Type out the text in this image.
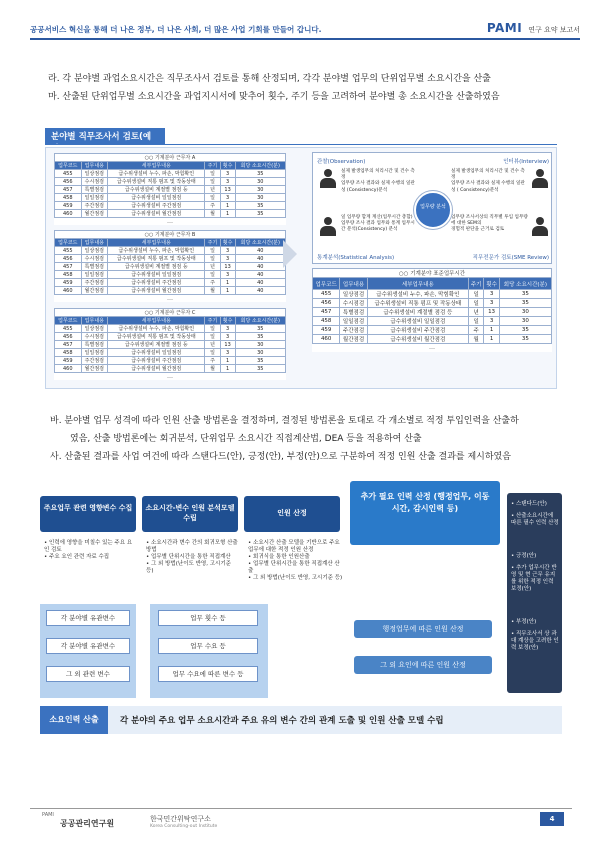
공공서비스 혁신을 통해 더 나은 정부, 더 나은 사회, 더 많은 사업 기회를 만들어 갑니다.	PAMI 연구 요약 보고서
라. 각 분야별 과업소요시간은 직무조사서 검토를 통해 산정되며, 각각 분야별 업무의 단위업무별 소요시간을 산출
마. 산출된 단위업무별 소요시간을 과업지시서에 맞추어 횟수, 주기 등을 고려하여 분야별 총 소요시간을 산출하였음
분야별 직무조사서 검토(예
○○ 기계분야 근무자 A					
업무코드	업무내용	세부업무내용	주기	횟수	회당 소요시간(분)
455	일상점검	급수위생설비 누수, 파손, 막힘확인	일	3	35
456	수시점검	급수위생설비 직통 펌프 및 작동상태	일	3	30
457	특별점검	급수위생설비 계절별 점검 등	년	13	30
458	일일점검	급수위생설비 일일점검	일	3	30
459	주간점검	급수위생설비 주간점검	주	1	35
460	월간점검	급수위생설비 월간점검	월	1	35
…					
○○ 기계분야 근무자 B					
업무코드	업무내용	세부업무내용	주기	횟수	회당 소요시간(분)
455	일상점검	급수위생설비 누수, 파손, 막힘확인	일	3	40
456	수시점검	급수위생설비 직통 펌프 및 작동상태	일	3	40
457	특별점검	급수위생설비 계절별 점검 등	년	13	40
458	일일점검	급수위생설비 일일점검	일	3	40
459	주간점검	급수위생설비 주간점검	주	1	40
460	월간점검	급수위생설비 월간점검	월	1	40
…					
○○ 기계분야 근무자 C					
업무코드	업무내용	세부업무내용	주기	횟수	회당 소요시간(분)
455	일상점검	급수위생설비 누수, 파손, 막힘확인	일	3	35
456	수시점검	급수위생설비 직통 펌프 및 작동상태	일	3	35
457	특별점검	급수위생설비 계절별 점검 등	년	13	30
458	일일점검	급수위생설비 일일점검	일	3	30
459	주간점검	급수위생설비 주간점검	주	1	35
460	월간점검	급수위생설비 월간점검	월	1	35
…					
관찰(Observation)
실제 발생업무의 처리시간 및 건수 측정
업무량 조사 결과와 실제 수행의 일관성 (Consistency)분석
인터뷰(Interview)
실제 발생업무의 처리시간 및 건수 측정
업무량 조사 결과와 실제 수행의 일관성 ( Consistency)분석
일 업무량 합계 계산(업무시간 총합)
업무량 조사 결과 업무와 통계 업무시간 분석(Consistency) 분석
통계분석(Statistical Analysis)
업무량 조사서상의 직무별 투입 업무량에 대한 SEM의
경험적 판단을 근거로 검토
직무전문가 검토(SME Review)
업무량 분석
○○ 기계분야 표준업무시간					
업무코드	업무내용	세부업무내용	주기	횟수	회당 소요시간(분)
455	일상점검	급수위생설비 누수, 파손, 막힘확인	일	3	35
456	수시점검	급수위생설비 직통 펌프 및 작동상태	일	3	35
457	특별점검	급수위생설비 계절별 점검 등	년	13	30
458	일일점검	급수위생설비 일일점검	일	3	30
459	주간점검	급수위생설비 주간점검	주	1	35
460	월간점검	급수위생설비 월간점검	월	1	35
…					
바. 분야별 업무 성격에 따라 인원 산출 방법론을 결정하며, 결정된 방법론을 토대로 각 개소별로 적정 투입인력을 산출하
였음, 산출 방법론에는 회귀분석, 단위업무 소요시간 직접계산법, DEA 등을 적용하여 산출
사. 산출된 결과를 사업 여건에 따라 스탠다드(안), 긍정(안), 부정(안)으로 구분하여 적정 인원 산출 결과를 제시하였음
주요업무 관련 영향변수 수집	소요시간-변수 인원 분석모델 수립
인원 산정
추가 필요 인력 산정 (행정업무, 이동시간, 감시인력 등)
• 인력에 영향을 미칠수 있는 주요 요인 검토
• 주요 요인 관련 자료 수집
• 소요시간과 변수 간의 회귀모형 산출방법
• 업무별 단위시간을 통한 직접계산
• 그 외 방법(난이도 반영, 고시기준 등)
• 소요시간 산출 모델을 기반으로 주요업무에 대한 적정 인원 산정
• 회귀식을 통한 인원산출
• 업무별 단위시간을 통한 직접계산 산출
• 그 외 방법(난이도 반영, 고시기준 등)
각 분야별 유관변수
각 분야별 유관변수
그 외 관련 변수
업무 횟수 등
업무 수요 등
업무 수요에 따른 변수 등
행정업무에 따른 인원 산정
그 외 요인에 따른 인원 산정
• 스탠다드(안)
• 산출소요시간에 따른 필수 인력 산정
• 긍정(안)
• 추가 업무시간 반영 및 현 근무 유지를 위한 적정 인력 보정(안)
• 부정(안)
• 직무조사서 상 과대 계상을 고려한 인력 보정(안)
소요인력 산출	각 분야의 주요 업무 소요시간과 주요 유의 변수 간의 관계 도출 및 인원 산출 모델 수립
PAMI
공공관리연구원	한국민간위탁연구소
Korea Consulting-out Institute
4
